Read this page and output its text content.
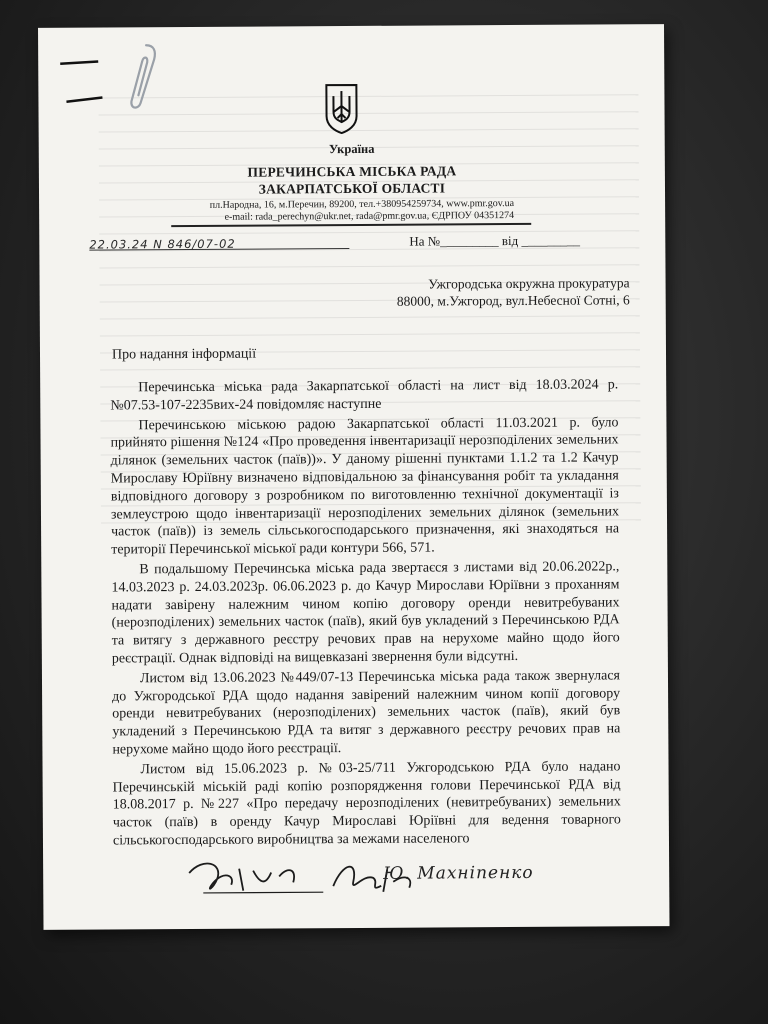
Україна
ПЕРЕЧИНСЬКА МІСЬКА РАДА
ЗАКАРПАТСЬКОЇ ОБЛАСТІ
пл.Народна, 16, м.Перечин, 89200, тел.+380954259734, www.pmr.gov.ua
e-mail: rada_perechyn@ukr.net, rada@pmr.gov.ua, ЄДРПОУ 04351274
22.03.24 N 846/07-02	На №_________ від _________
Ужгородська окружна прокуратура
88000, м.Ужгород, вул.Небесної Сотні, 6
Про надання інформації

Перечинська міська рада Закарпатської області на лист від 18.03.2024 р. №07.53-107-2235вих-24 повідомляє наступне

Перечинською міською радою Закарпатської області 11.03.2021 р. було прийнято рішення №124 «Про проведення інвентаризації нерозподілених земельних ділянок (земельних часток (паїв))». У даному рішенні пунктами 1.1.2 та 1.2 Качур Мирославу Юріївну визначено відповідальною за фінансування робіт та укладання відповідного договору з розробником по виготовленню технічної документації із землеустрою щодо інвентаризації нерозподілених земельних ділянок (земельних часток (паїв)) із земель сільськогосподарського призначення, які знаходяться на території Перечинської міської ради контури 566, 571.

В подальшому Перечинська міська рада звертаєся з листами від 20.06.2022р., 14.03.2023 р. 24.03.2023р. 06.06.2023 р. до Качур Мирослави Юріївни з проханням надати завірену належним чином копію договору оренди невитребуваних (нерозподілених) земельних часток (паїв), який був укладений з Перечинською РДА та витягу з державного реєстру речових прав на нерухоме майно щодо його реєстрації. Однак відповіді на вищевказані звернення були відсутні.

Листом від 13.06.2023 №449/07-13 Перечинська міська рада також звернулася до Ужгородської РДА щодо надання завірений належним чином копії договору оренди невитребуваних (нерозподілених) земельних часток (паїв), який був укладений з Перечинською РДА та витяг з державного реєстру речових прав на нерухоме майно щодо його реєстрації.

Листом від 15.06.2023 р. №03-25/711 Ужгородською РДА було надано Перечинській міській раді копію розпорядження голови Перечинської РДА від 18.08.2017 р. №227 «Про передачу нерозподілених (невитребуваних) земельних часток (паїв) в оренду Качур Мирославі Юріївні для ведення товарного сільськогосподарського виробництва за межами населеного

Ю. Махніпенко
